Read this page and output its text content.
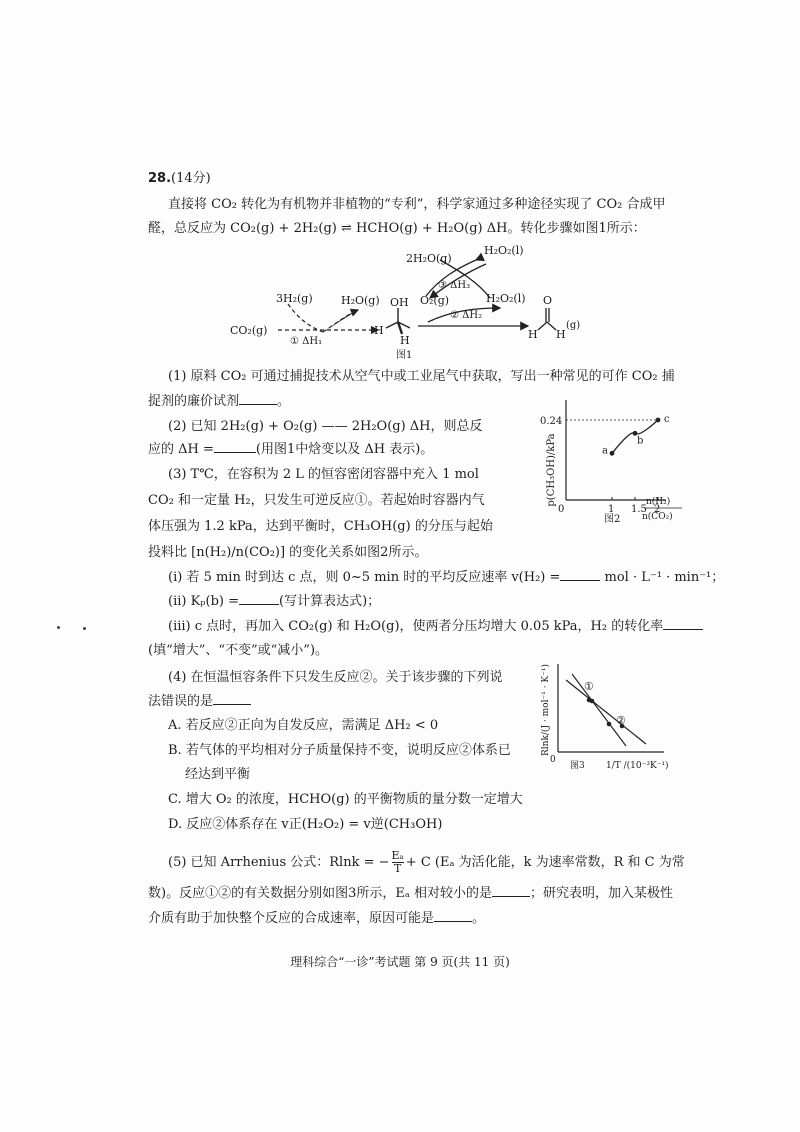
28.(14分)
直接将 CO₂ 转化为有机物并非植物的“专利”，科学家通过多种途径实现了 CO₂ 合成甲
醛，总反应为 CO₂(g) + 2H₂(g) ⇌ HCHO(g) + H₂O(g) ΔH。转化步骤如图1所示：
2H₂O(g)
H₂O₂(l)
③ ΔH₃
3H₂(g)	H₂O(g) OH O₂(g)	H₂O₂(l) O
② ΔH₂
CO₂(g)
① ΔH₁
H
H	H H
(g)
图1
(1) 原料 CO₂ 可通过捕捉技术从空气中或工业尾气中获取，写出一种常见的可作 CO₂ 捕
捉剂的廉价试剂	。
(2) 已知 2H₂(g) + O₂(g) —— 2H₂O(g) ΔH，则总反
应的 ΔH =	(用图1中焓变以及 ΔH 表示)。
(3) T℃，在容积为 2 L 的恒容密闭容器中充入 1 mol
CO₂ 和一定量 H₂，只发生可逆反应①。若起始时容器内气
体压强为 1.2 kPa，达到平衡时，CH₃OH(g) 的分压与起始
投料比 [n(H₂)/n(CO₂)] 的变化关系如图2所示。
p(CH₃OH)/kPa
0	1 1.5 2
0.24
a
b
c
n(H₂)
n(CO₂)
图2
(i) 若 5 min 时到达 c 点，则 0~5 min 时的平均反应速率 v(H₂) =	mol · L⁻¹ · min⁻¹；
(ii) Kₚ(b) =	(写计算表达式)；
(iii) c 点时，再加入 CO₂(g) 和 H₂O(g)，使两者分压均增大 0.05 kPa，H₂ 的转化率
(填“增大”、“不变”或“减小”)。
(4) 在恒温恒容条件下只发生反应②。关于该步骤的下列说
法错误的是
A. 若反应②正向为自发反应，需满足 ΔH₂ < 0
B. 若气体的平均相对分子质量保持不变，说明反应②体系已
经达到平衡
C. 增大 O₂ 的浓度，HCHO(g) 的平衡物质的量分数一定增大
D. 反应②体系存在 v正(H₂O₂) = v逆(CH₃OH)
Rlnk/(J · mol⁻¹ · K⁻¹)	①
②
0
图3 1/T /(10⁻³K⁻¹)
(5) 已知 Arrhenius 公式：Rlnk = − $\frac{\text{Eₐ}}{T} + C$ (Eₐ 为活化能，k 为速率常数，R 和 C 为常
数)。反应①②的有关数据分别如图3所示，Eₐ 相对较小的是	；研究表明，加入某极性
介质有助于加快整个反应的合成速率，原因可能是	。
理科综合“一诊”考试题 第 9 页(共 11 页)
